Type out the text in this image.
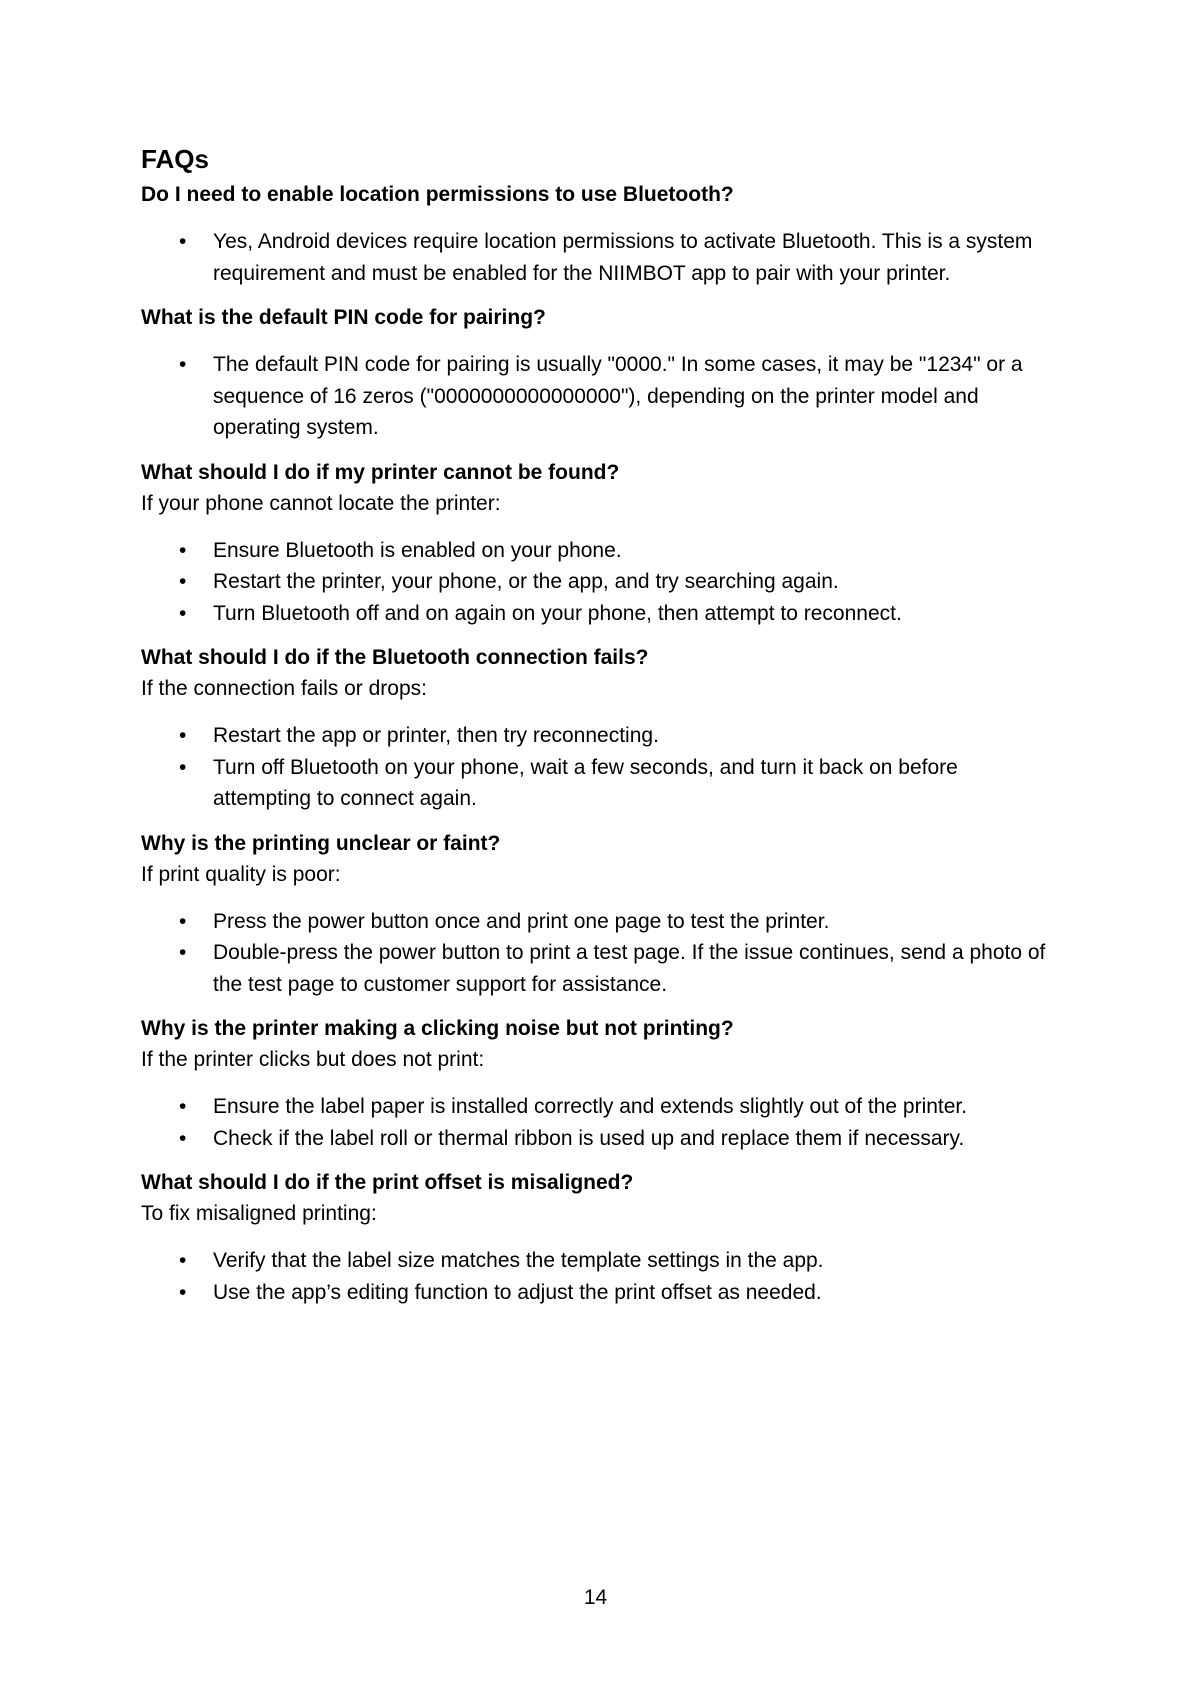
FAQs
Do I need to enable location permissions to use Bluetooth?
• Yes, Android devices require location permissions to activate Bluetooth. This is a system requirement and must be enabled for the NIIMBOT app to pair with your printer.
What is the default PIN code for pairing?
• The default PIN code for pairing is usually "0000." In some cases, it may be "1234" or a sequence of 16 zeros ("0000000000000000"), depending on the printer model and operating system.
What should I do if my printer cannot be found?
If your phone cannot locate the printer:
• Ensure Bluetooth is enabled on your phone.
• Restart the printer, your phone, or the app, and try searching again.
• Turn Bluetooth off and on again on your phone, then attempt to reconnect.
What should I do if the Bluetooth connection fails?
If the connection fails or drops:
• Restart the app or printer, then try reconnecting.
• Turn off Bluetooth on your phone, wait a few seconds, and turn it back on before attempting to connect again.
Why is the printing unclear or faint?
If print quality is poor:
• Press the power button once and print one page to test the printer.
• Double-press the power button to print a test page. If the issue continues, send a photo of the test page to customer support for assistance.
Why is the printer making a clicking noise but not printing?
If the printer clicks but does not print:
• Ensure the label paper is installed correctly and extends slightly out of the printer.
• Check if the label roll or thermal ribbon is used up and replace them if necessary.
What should I do if the print offset is misaligned?
To fix misaligned printing:
• Verify that the label size matches the template settings in the app.
• Use the app’s editing function to adjust the print offset as needed.
14
